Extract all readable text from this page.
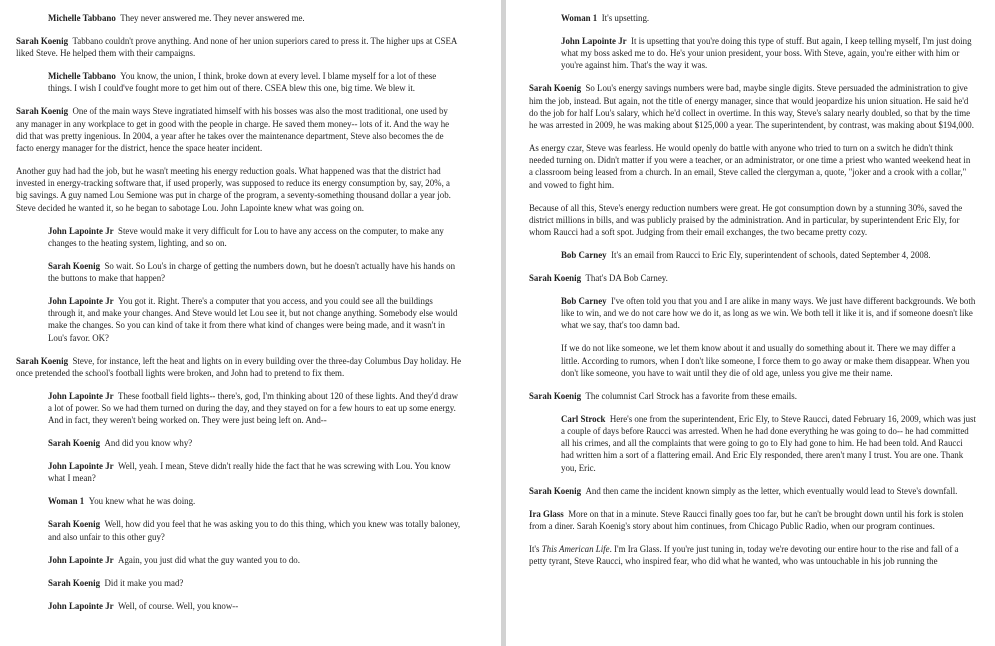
Michelle Tabbano  They never answered me. They never answered me.

Sarah Koenig  Tabbano couldn't prove anything. And none of her union superiors cared to press it. The higher ups at CSEA liked Steve. He helped them with their campaigns.

Michelle Tabbano  You know, the union, I think, broke down at every level. I blame myself for a lot of these things. I wish I could've fought more to get him out of there. CSEA blew this one, big time. We blew it.

Sarah Koenig  One of the main ways Steve ingratiated himself with his bosses was also the most traditional, one used by any manager in any workplace to get in good with the people in charge. He saved them money-- lots of it. And the way he did that was pretty ingenious. In 2004, a year after he takes over the maintenance department, Steve also becomes the de facto energy manager for the district, hence the space heater incident.

Another guy had had the job, but he wasn't meeting his energy reduction goals. What happened was that the district had invested in energy-tracking software that, if used properly, was supposed to reduce its energy consumption by, say, 20%, a big savings. A guy named Lou Semione was put in charge of the program, a seventy-something thousand dollar a year job. Steve decided he wanted it, so he began to sabotage Lou. John Lapointe knew what was going on.

John Lapointe Jr  Steve would make it very difficult for Lou to have any access on the computer, to make any changes to the heating system, lighting, and so on.

Sarah Koenig  So wait. So Lou's in charge of getting the numbers down, but he doesn't actually have his hands on the buttons to make that happen?

John Lapointe Jr  You got it. Right. There's a computer that you access, and you could see all the buildings through it, and make your changes. And Steve would let Lou see it, but not change anything. Somebody else would make the changes. So you can kind of take it from there what kind of changes were being made, and it wasn't in Lou's favor. OK?

Sarah Koenig  Steve, for instance, left the heat and lights on in every building over the three-day Columbus Day holiday. He once pretended the school's football lights were broken, and John had to pretend to fix them.

John Lapointe Jr  These football field lights-- there's, god, I'm thinking about 120 of these lights. And they'd draw a lot of power. So we had them turned on during the day, and they stayed on for a few hours to eat up some energy. And in fact, they weren't being worked on. They were just being left on. And--

Sarah Koenig  And did you know why?

John Lapointe Jr  Well, yeah. I mean, Steve didn't really hide the fact that he was screwing with Lou. You know what I mean?

Woman 1  You knew what he was doing.

Sarah Koenig  Well, how did you feel that he was asking you to do this thing, which you knew was totally baloney, and also unfair to this other guy?

John Lapointe Jr  Again, you just did what the guy wanted you to do.

Sarah Koenig  Did it make you mad?

John Lapointe Jr  Well, of course. Well, you know--

Woman 1  It's upsetting.

John Lapointe Jr  It is upsetting that you're doing this type of stuff. But again, I keep telling myself, I'm just doing what my boss asked me to do. He's your union president, your boss. With Steve, again, you're either with him or you're against him. That's the way it was.

Sarah Koenig  So Lou's energy savings numbers were bad, maybe single digits. Steve persuaded the administration to give him the job, instead. But again, not the title of energy manager, since that would jeopardize his union situation. He said he'd do the job for half Lou's salary, which he'd collect in overtime. In this way, Steve's salary nearly doubled, so that by the time he was arrested in 2009, he was making about $125,000 a year. The superintendent, by contrast, was making about $194,000.

As energy czar, Steve was fearless. He would openly do battle with anyone who tried to turn on a switch he didn't think needed turning on. Didn't matter if you were a teacher, or an administrator, or one time a priest who wanted weekend heat in a classroom being leased from a church. In an email, Steve called the clergyman a, quote, "joker and a crook with a collar," and vowed to fight him.

Because of all this, Steve's energy reduction numbers were great. He got consumption down by a stunning 30%, saved the district millions in bills, and was publicly praised by the administration. And in particular, by superintendent Eric Ely, for whom Raucci had a soft spot. Judging from their email exchanges, the two became pretty cozy.

Bob Carney  It's an email from Raucci to Eric Ely, superintendent of schools, dated September 4, 2008.

Sarah Koenig  That's DA Bob Carney.

Bob Carney  I've often told you that you and I are alike in many ways. We just have different backgrounds. We both like to win, and we do not care how we do it, as long as we win. We both tell it like it is, and if someone doesn't like what we say, that's too damn bad.

If we do not like someone, we let them know about it and usually do something about it. There we may differ a little. According to rumors, when I don't like someone, I force them to go away or make them disappear. When you don't like someone, you have to wait until they die of old age, unless you give me their name.

Sarah Koenig  The columnist Carl Strock has a favorite from these emails.

Carl Strock  Here's one from the superintendent, Eric Ely, to Steve Raucci, dated February 16, 2009, which was just a couple of days before Raucci was arrested. When he had done everything he was going to do-- he had committed all his crimes, and all the complaints that were going to go to Ely had gone to him. He had been told. And Raucci had written him a sort of a flattering email. And Eric Ely responded, there aren't many I trust. You are one. Thank you, Eric.

Sarah Koenig  And then came the incident known simply as the letter, which eventually would lead to Steve's downfall.

Ira Glass  More on that in a minute. Steve Raucci finally goes too far, but he can't be brought down until his fork is stolen from a diner. Sarah Koenig's story about him continues, from Chicago Public Radio, when our program continues.

It's This American Life. I'm Ira Glass. If you're just tuning in, today we're devoting our entire hour to the rise and fall of a petty tyrant, Steve Raucci, who inspired fear, who did what he wanted, who was untouchable in his job running the
